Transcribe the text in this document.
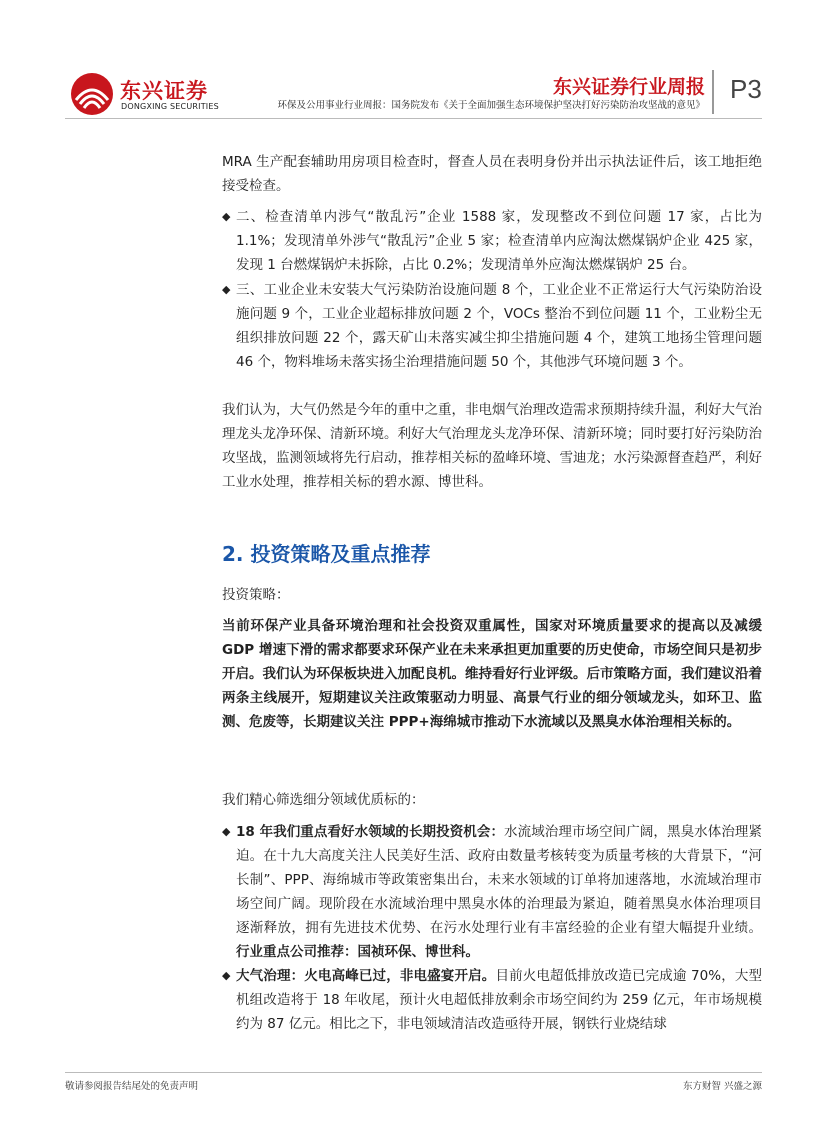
东兴证券
DONGXING SECURITIES
东兴证券行业周报
环保及公用事业行业周报：国务院发布《关于全面加强生态环境保护坚决打好污染防治攻坚战的意见》
P3
MRA 生产配套辅助用房项目检查时，督查人员在表明身份并出示执法证件后，该工地拒绝接受检查。
◆ 二、检查清单内涉气“散乱污”企业 1588 家，发现整改不到位问题 17 家，占比为 1.1%；发现清单外涉气“散乱污”企业 5 家；检查清单内应淘汰燃煤锅炉企业 425 家，发现 1 台燃煤锅炉未拆除，占比 0.2%；发现清单外应淘汰燃煤锅炉 25 台。
◆ 三、工业企业未安装大气污染防治设施问题 8 个，工业企业不正常运行大气污染防治设施问题 9 个，工业企业超标排放问题 2 个，VOCs 整治不到位问题 11 个，工业粉尘无组织排放问题 22 个，露天矿山未落实减尘抑尘措施问题 4 个，建筑工地扬尘管理问题 46 个，物料堆场未落实扬尘治理措施问题 50 个，其他涉气环境问题 3 个。
我们认为，大气仍然是今年的重中之重，非电烟气治理改造需求预期持续升温，利好大气治理龙头龙净环保、清新环境。利好大气治理龙头龙净环保、清新环境；同时要打好污染防治攻坚战，监测领域将先行启动，推荐相关标的盈峰环境、雪迪龙；水污染源督查趋严，利好工业水处理，推荐相关标的碧水源、博世科。
2. 投资策略及重点推荐
投资策略：
当前环保产业具备环境治理和社会投资双重属性，国家对环境质量要求的提高以及减缓 GDP 增速下滑的需求都要求环保产业在未来承担更加重要的历史使命，市场空间只是初步开启。我们认为环保板块进入加配良机。维持看好行业评级。后市策略方面，我们建议沿着两条主线展开，短期建议关注政策驱动力明显、高景气行业的细分领域龙头，如环卫、监测、危废等，长期建议关注 PPP+海绵城市推动下水流域以及黑臭水体治理相关标的。
我们精心筛选细分领域优质标的：
◆ 18 年我们重点看好水领域的长期投资机会：水流域治理市场空间广阔，黑臭水体治理紧迫。在十九大高度关注人民美好生活、政府由数量考核转变为质量考核的大背景下，“河长制”、PPP、海绵城市等政策密集出台，未来水领域的订单将加速落地，水流域治理市场空间广阔。现阶段在水流域治理中黑臭水体的治理最为紧迫，随着黑臭水体治理项目逐渐释放，拥有先进技术优势、在污水处理行业有丰富经验的企业有望大幅提升业绩。行业重点公司推荐：国祯环保、博世科。
◆ 大气治理：火电高峰已过，非电盛宴开启。目前火电超低排放改造已完成逾 70%，大型机组改造将于 18 年收尾，预计火电超低排放剩余市场空间约为 259 亿元，年市场规模约为 87 亿元。相比之下，非电领域清洁改造亟待开展，钢铁行业烧结球
敬请参阅报告结尾处的免责声明	东方财智 兴盛之源
